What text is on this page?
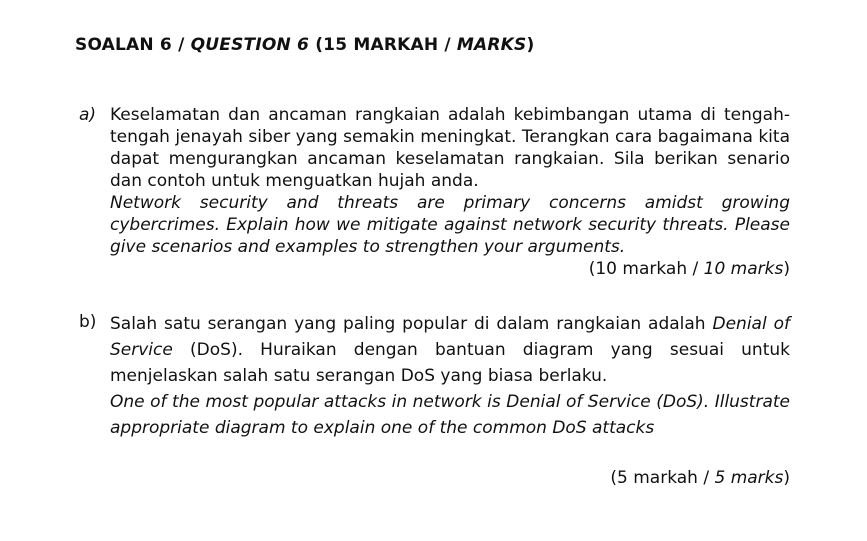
SOALAN 6 / QUESTION 6 (15 MARKAH / MARKS)
a) Keselamatan dan ancaman rangkaian adalah kebimbangan utama di tengah-tengah jenayah siber yang semakin meningkat. Terangkan cara bagaimana kita dapat mengurangkan ancaman keselamatan rangkaian. Sila berikan senario dan contoh untuk menguatkan hujah anda.

Network security and threats are primary concerns amidst growing cybercrimes. Explain how we mitigate against network security threats. Please give scenarios and examples to strengthen your arguments.

(10 markah / 10 marks)

b) Salah satu serangan yang paling popular di dalam rangkaian adalah Denial of Service (DoS). Huraikan dengan bantuan diagram yang sesuai untuk menjelaskan salah satu serangan DoS yang biasa berlaku.

One of the most popular attacks in network is Denial of Service (DoS). Illustrate appropriate diagram to explain one of the common DoS attacks

(5 markah / 5 marks)
